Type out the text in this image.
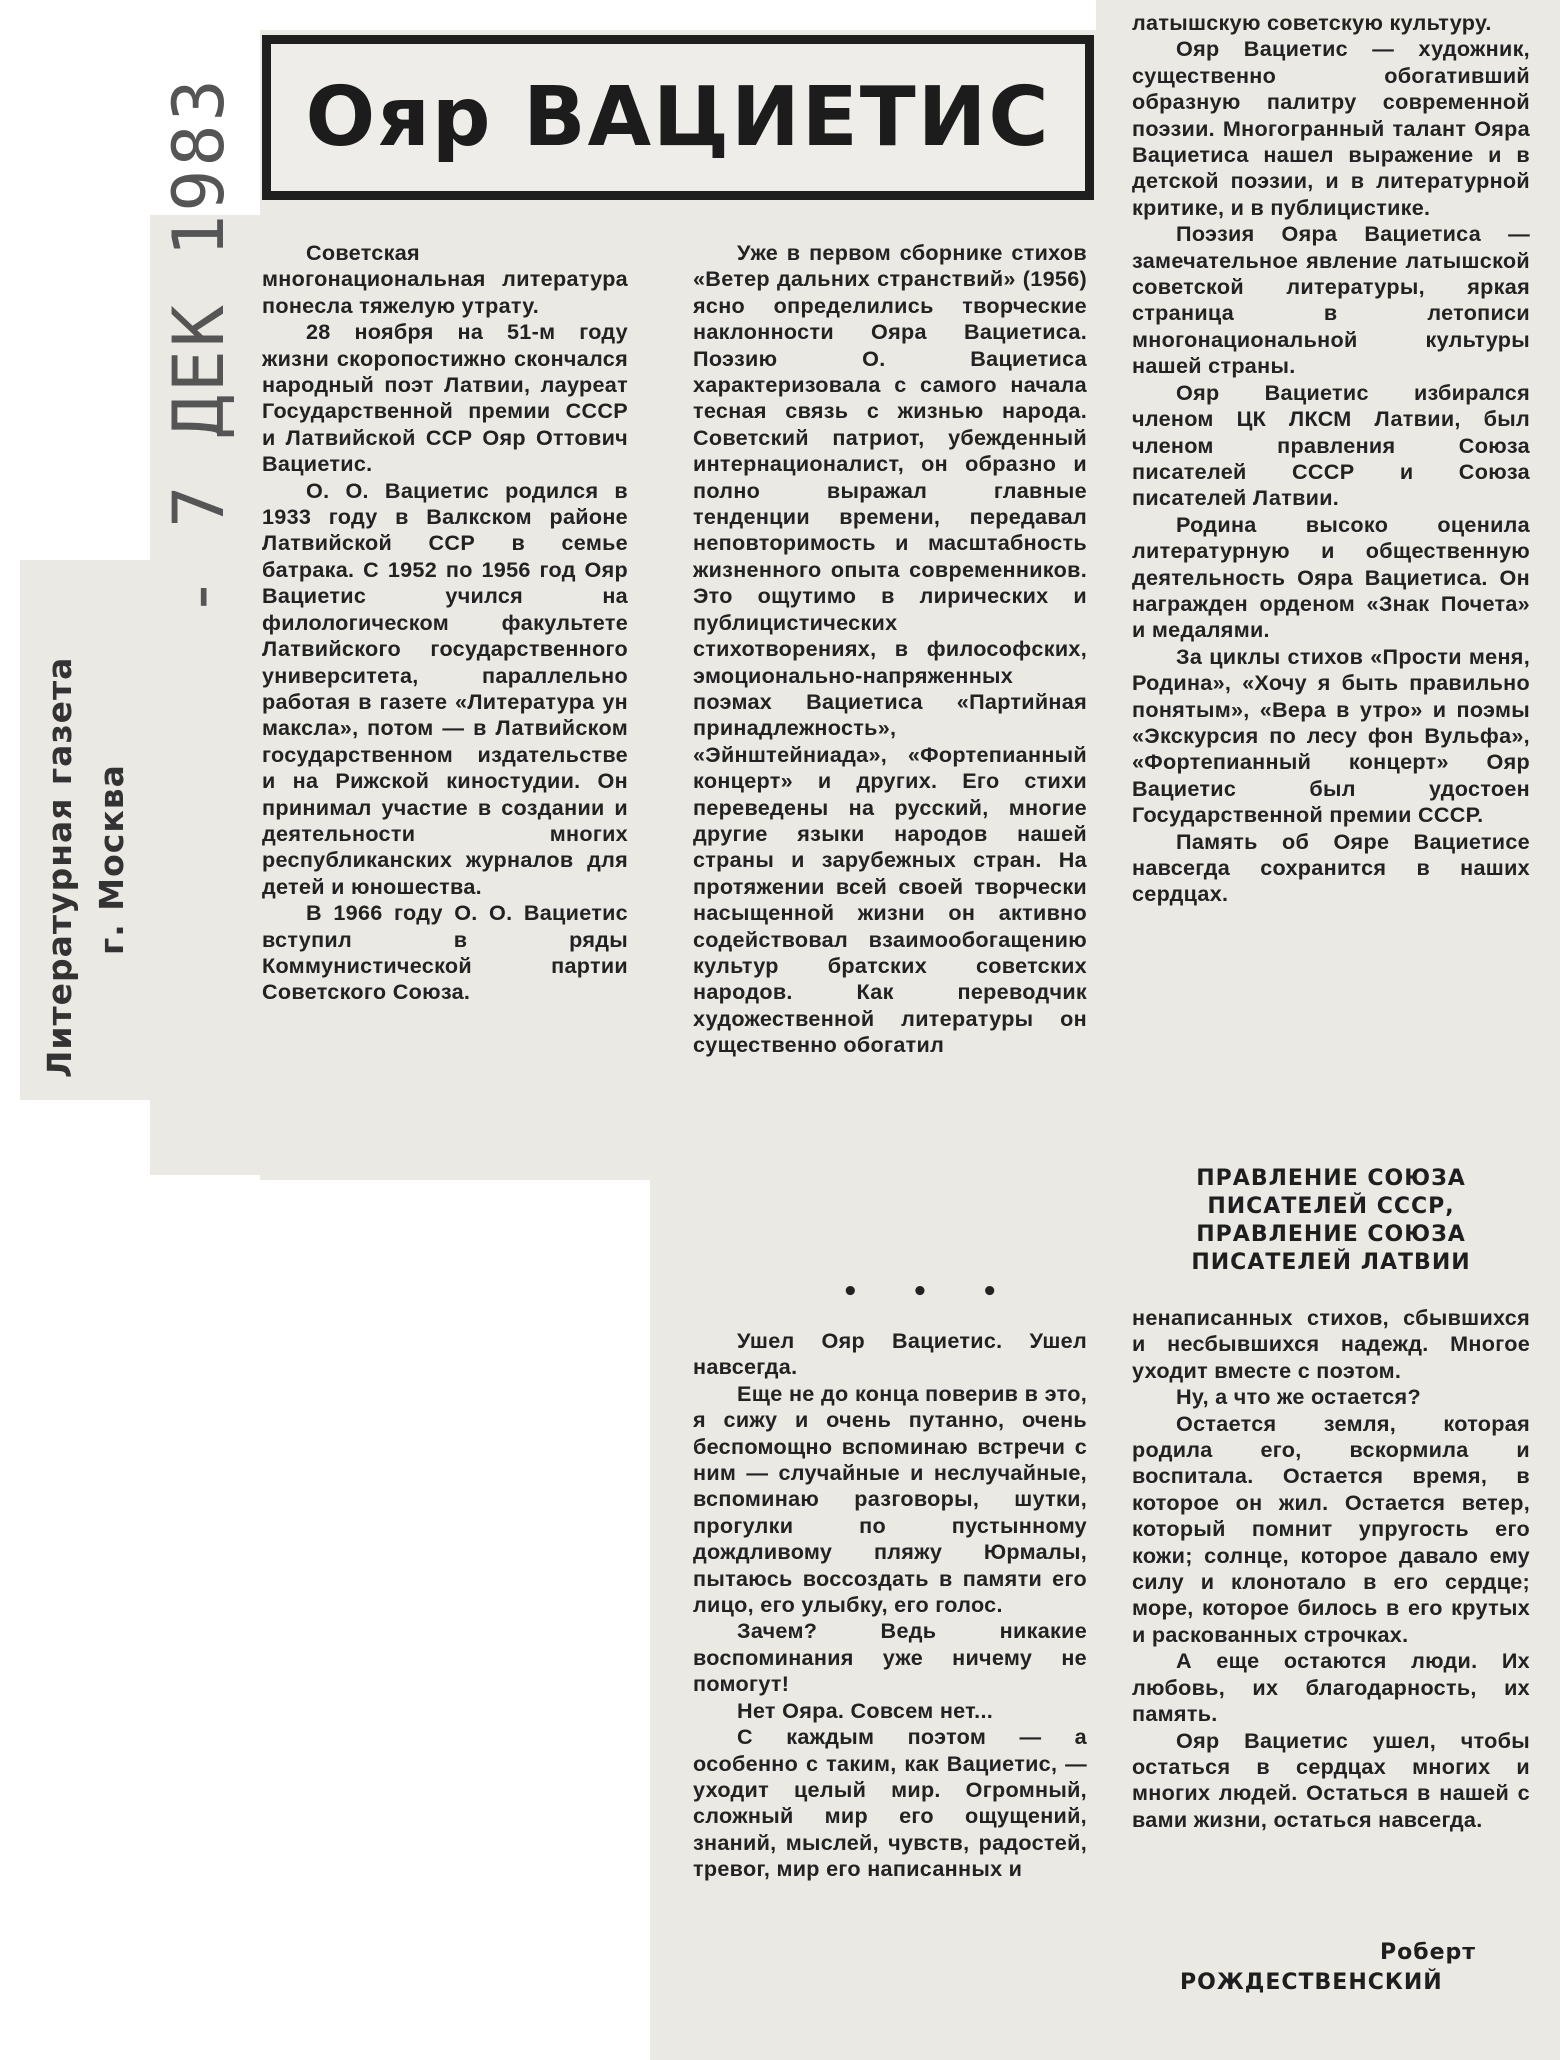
Ояр ВАЦИЕТИС
Литературная газета г. Москва
- 7 ДЕК 1983	Советская многонациональная литература понесла тяжелую утрату.

28 ноября на 51-м году жизни скоропостижно скончался народный поэт Латвии, лауреат Государственной премии СССР и Латвийской ССР Ояр Оттович Вациетис.

О. О. Вациетис родился в 1933 году в Валкском районе Латвийской ССР в семье батрака. С 1952 по 1956 год Ояр Вациетис учился на филологическом факультете Латвийского государственного университета, параллельно работая в газете «Литература ун максла», потом — в Латвийском государственном издательстве и на Рижской киностудии. Он принимал участие в создании и деятельности многих республиканских журналов для детей и юношества.

В 1966 году О. О. Вациетис вступил в ряды Коммунистической партии Советского Союза.

Уже в первом сборнике стихов «Ветер дальних странствий» (1956) ясно определились творческие наклонности Ояра Вациетиса. Поэзию О. Вациетиса характеризовала с самого начала тесная связь с жизнью народа. Советский патриот, убежденный интернационалист, он образно и полно выражал главные тенденции времени, передавал неповторимость и масштабность жизненного опыта современников. Это ощутимо в лирических и публицистических стихотворениях, в философских, эмоционально-напряженных поэмах Вациетиса «Партийная принадлежность», «Эйнштейниада», «Фортепианный концерт» и других. Его стихи переведены на русский, многие другие языки народов нашей страны и зарубежных стран. На протяжении всей своей творчески насыщенной жизни он активно содействовал взаимообогащению культур братских советских народов. Как переводчик художественной литературы он существенно обогатил

латышскую советскую культуру.

Ояр Вациетис — художник, существенно обогативший образную палитру современной поэзии. Многогранный талант Ояра Вациетиса нашел выражение и в детской поэзии, и в литературной критике, и в публицистике.

Поэзия Ояра Вациетиса — замечательное явление латышской советской литературы, яркая страница в летописи многонациональной культуры нашей страны.

Ояр Вациетис избирался членом ЦК ЛКСМ Латвии, был членом правления Союза писателей СССР и Союза писателей Латвии.

Родина высоко оценила литературную и общественную деятельность Ояра Вациетиса. Он награжден орденом «Знак Почета» и медалями.

За циклы стихов «Прости меня, Родина», «Хочу я быть правильно понятым», «Вера в утро» и поэмы «Экскурсия по лесу фон Вульфа», «Фортепианный концерт» Ояр Вациетис был удостоен Государственной премии СССР.

Память об Ояре Вациетисе навсегда сохранится в наших сердцах.

ПРАВЛЕНИЕ СОЮЗА
ПИСАТЕЛЕЙ СССР,
ПРАВЛЕНИЕ СОЮЗА
ПИСАТЕЛЕЙ ЛАТВИИ
• • •

Ушел Ояр Вациетис. Ушел навсегда.

Еще не до конца поверив в это, я сижу и очень путанно, очень беспомощно вспоминаю встречи с ним — случайные и неслучайные, вспоминаю разговоры, шутки, прогулки по пустынному дождливому пляжу Юрмалы, пытаюсь воссоздать в памяти его лицо, его улыбку, его голос.

Зачем? Ведь никакие воспоминания уже ничему не помогут!

Нет Ояра. Совсем нет...

С каждым поэтом — а особенно с таким, как Вациетис, — уходит целый мир. Огромный, сложный мир его ощущений, знаний, мыслей, чувств, радостей, тревог, мир его написанных и

ненаписанных стихов, сбывшихся и несбывшихся надежд. Многое уходит вместе с поэтом.

Ну, а что же остается?

Остается земля, которая родила его, вскормила и воспитала. Остается время, в которое он жил. Остается ветер, который помнит упругость его кожи; солнце, которое давало ему силу и клонотало в его сердце; море, которое билось в его крутых и раскованных строчках.

А еще остаются люди. Их любовь, их благодарность, их память.

Ояр Вациетис ушел, чтобы остаться в сердцах многих и многих людей. Остаться в нашей с вами жизни, остаться навсегда.

Роберт
РОЖДЕСТВЕНСКИЙ
